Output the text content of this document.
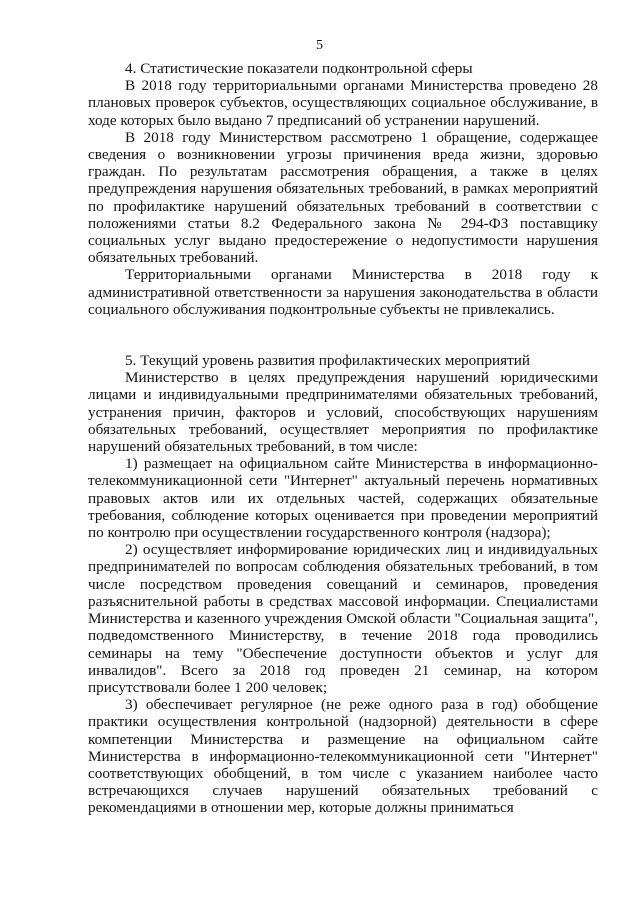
5

4. Статистические показатели подконтрольной сферы

В 2018 году территориальными органами Министерства проведено 28 плановых проверок субъектов, осуществляющих социальное обслуживание, в ходе которых было выдано 7 предписаний об устранении нарушений.

В 2018 году Министерством рассмотрено 1 обращение, содержащее сведения о возникновении угрозы причинения вреда жизни, здоровью граждан. По результатам рассмотрения обращения, а также в целях предупреждения нарушения обязательных требований, в рамках мероприятий по профилактике нарушений обязательных требований в соответствии с положениями статьи 8.2 Федерального закона № 294-ФЗ поставщику социальных услуг выдано предостережение о недопустимости нарушения обязательных требований.

Территориальными органами Министерства в 2018 году к административной ответственности за нарушения законодательства в области социального обслуживания подконтрольные субъекты не привлекались.

5. Текущий уровень развития профилактических мероприятий

Министерство в целях предупреждения нарушений юридическими лицами и индивидуальными предпринимателями обязательных требований, устранения причин, факторов и условий, способствующих нарушениям обязательных требований, осуществляет мероприятия по профилактике нарушений обязательных требований, в том числе:

1) размещает на официальном сайте Министерства в информационно-телекоммуникационной сети "Интернет" актуальный перечень нормативных правовых актов или их отдельных частей, содержащих обязательные требования, соблюдение которых оценивается при проведении мероприятий по контролю при осуществлении государственного контроля (надзора);

2) осуществляет информирование юридических лиц и индивидуальных предпринимателей по вопросам соблюдения обязательных требований, в том числе посредством проведения совещаний и семинаров, проведения разъяснительной работы в средствах массовой информации. Специалистами Министерства и казенного учреждения Омской области "Социальная защита", подведомственного Министерству, в течение 2018 года проводились семинары на тему "Обеспечение доступности объектов и услуг для инвалидов". Всего за 2018 год проведен 21 семинар, на котором присутствовали более 1 200 человек;

3) обеспечивает регулярное (не реже одного раза в год) обобщение практики осуществления контрольной (надзорной) деятельности в сфере компетенции Министерства и размещение на официальном сайте Министерства в информационно-телекоммуникационной сети "Интернет" соответствующих обобщений, в том числе с указанием наиболее часто встречающихся случаев нарушений обязательных требований с рекомендациями в отношении мер, которые должны приниматься
